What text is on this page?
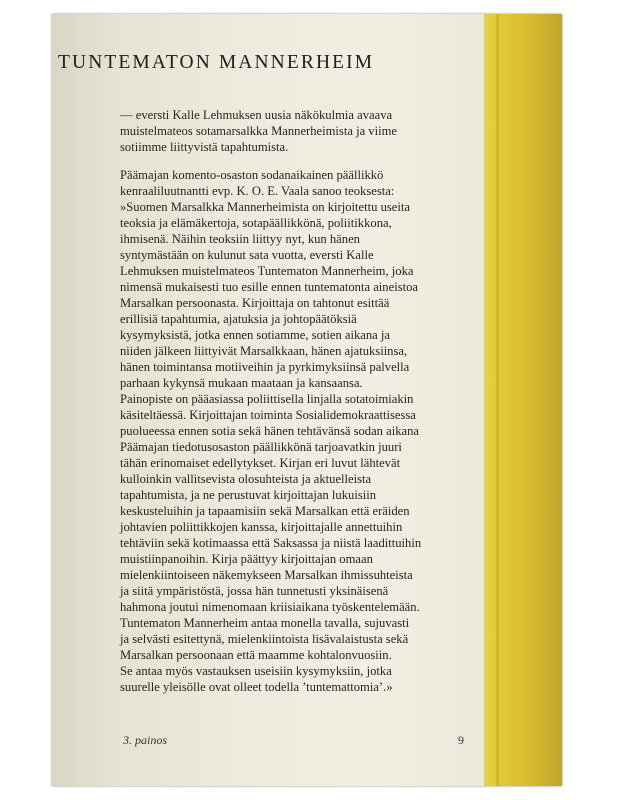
TUNTEMATON MANNERHEIM
— eversti Kalle Lehmuksen uusia näkökulmia avaava
muistelmateos sotamarsalkka Mannerheimista ja viime
sotiimme liittyvistä tapahtumista.
Päämajan komento-osaston sodanaikainen päällikkö
kenraaliluutnantti evp. K. O. E. Vaala sanoo teoksesta:
»Suomen Marsalkka Mannerheimista on kirjoitettu useita
teoksia ja elämäkertoja, sotapäällikkönä, poliitikkona,
ihmisenä. Näihin teoksiin liittyy nyt, kun hänen
syntymästään on kulunut sata vuotta, eversti Kalle
Lehmuksen muistelmateos Tuntematon Mannerheim, joka
nimensä mukaisesti tuo esille ennen tuntematonta aineistoa
Marsalkan persoonasta. Kirjoittaja on tahtonut esittää
erillisiä tapahtumia, ajatuksia ja johtopäätöksiä
kysymyksistä, jotka ennen sotiamme, sotien aikana ja
niiden jälkeen liittyivät Marsalkkaan, hänen ajatuksiinsa,
hänen toimintansa motiiveihin ja pyrkimyksiinsä palvella
parhaan kykynsä mukaan maataan ja kansaansa.
Painopiste on pääasiassa poliittisella linjalla sotatoimiakin
käsiteltäessä. Kirjoittajan toiminta Sosialidemokraattisessa
puolueessa ennen sotia sekä hänen tehtävänsä sodan aikana
Päämajan tiedotusosaston päällikkönä tarjoavatkin juuri
tähän erinomaiset edellytykset. Kirjan eri luvut lähtevät
kulloinkin vallitsevista olosuhteista ja aktuelleista
tapahtumista, ja ne perustuvat kirjoittajan lukuisiin
keskusteluihin ja tapaamisiin sekä Marsalkan että eräiden
johtavien poliittikkojen kanssa, kirjoittajalle annettuihin
tehtäviin sekä kotimaassa että Saksassa ja niistä laadittuihin
muistiinpanoihin. Kirja päättyy kirjoittajan omaan
mielenkiintoiseen näkemykseen Marsalkan ihmissuhteista
ja siitä ympäristöstä, jossa hän tunnetusti yksinäisenä
hahmona joutui nimenomaan kriisiaikana työskentelemään.
Tuntematon Mannerheim antaa monella tavalla, sujuvasti
ja selvästi esitettynä, mielenkiintoista lisävalaistusta sekä
Marsalkan persoonaan että maamme kohtalonvuosiin.
Se antaa myös vastauksen useisiin kysymyksiin, jotka
suurelle yleisölle ovat olleet todella ’tuntemattomia’.»
3. painos	9
